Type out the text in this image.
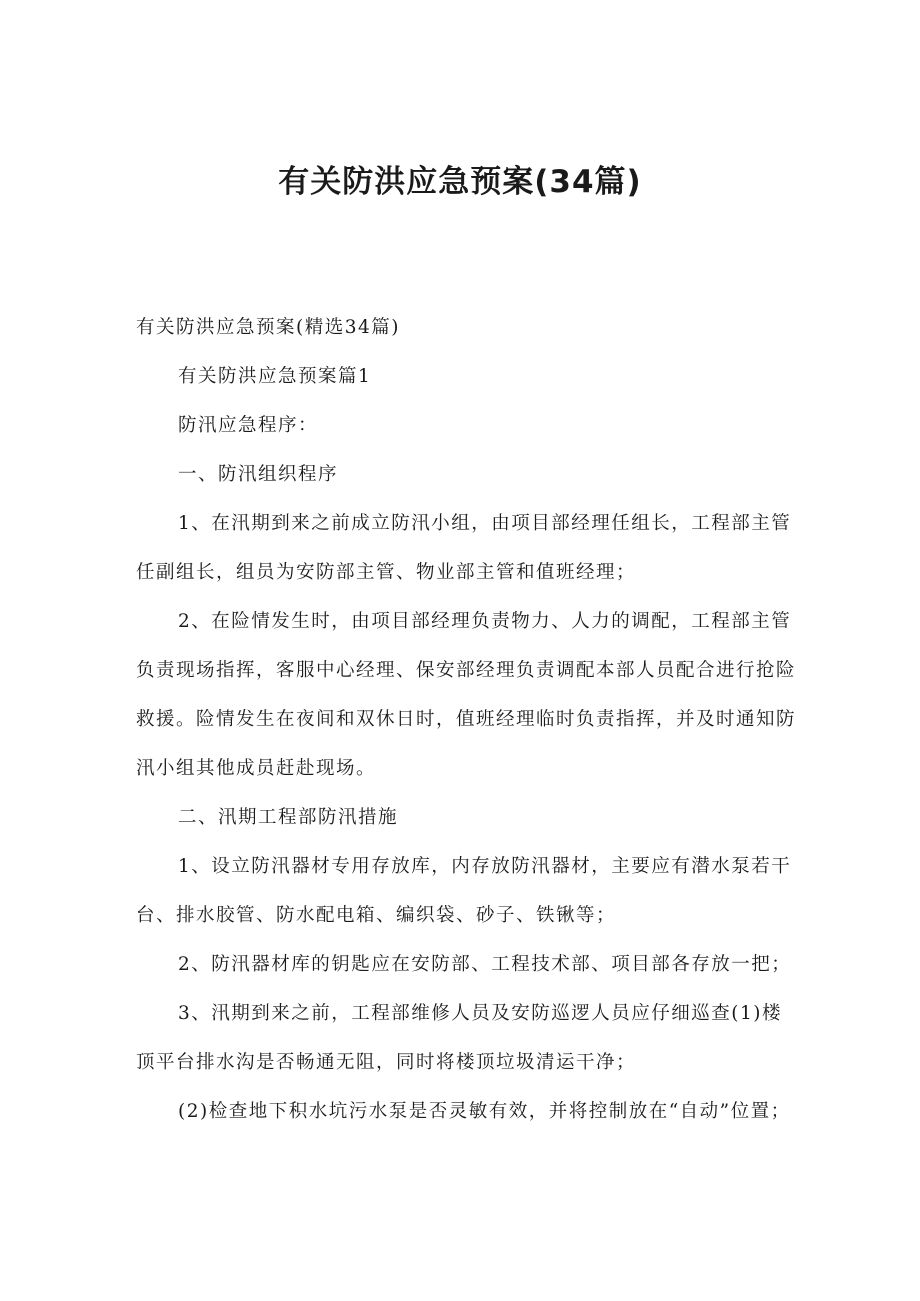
有关防洪应急预案(34篇)

有关防洪应急预案(精选34篇)

有关防洪应急预案篇1

防汛应急程序：

一、防汛组织程序

1、在汛期到来之前成立防汛小组，由项目部经理任组长，工程部主管任副组长，组员为安防部主管、物业部主管和值班经理；

2、在险情发生时，由项目部经理负责物力、人力的调配，工程部主管负责现场指挥，客服中心经理、保安部经理负责调配本部人员配合进行抢险救援。险情发生在夜间和双休日时，值班经理临时负责指挥，并及时通知防汛小组其他成员赶赴现场。

二、汛期工程部防汛措施

1、设立防汛器材专用存放库，内存放防汛器材，主要应有潜水泵若干台、排水胶管、防水配电箱、编织袋、砂子、铁锹等；

2、防汛器材库的钥匙应在安防部、工程技术部、项目部各存放一把；

3、汛期到来之前，工程部维修人员及安防巡逻人员应仔细巡查(1)楼顶平台排水沟是否畅通无阻，同时将楼顶垃圾清运干净；

(2)检查地下积水坑污水泵是否灵敏有效，并将控制放在“自动”位置；
